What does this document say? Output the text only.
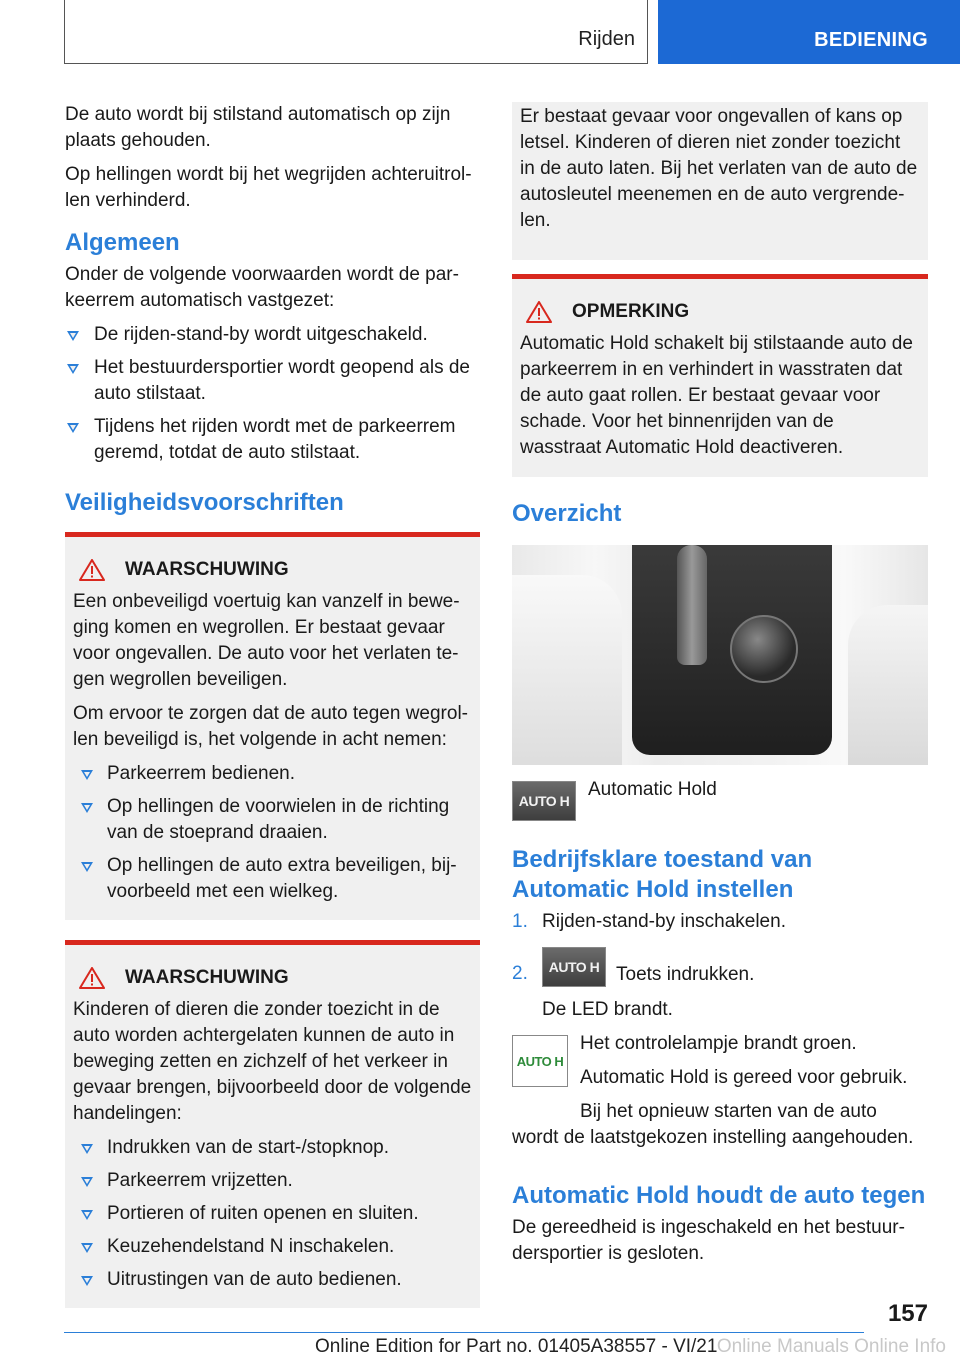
Rijden	BEDIENING

De auto wordt bij stilstand automatisch op zijn plaats gehouden.

Op hellingen wordt bij het wegrijden achteruitrol-len verhinderd.

Algemeen

Onder de volgende voorwaarden wordt de par-keerrem automatisch vastgezet:

De rijden-stand-by wordt uitgeschakeld.
Het bestuurdersportier wordt geopend als de auto stilstaat.
Tijdens het rijden wordt met de parkeerrem geremd, totdat de auto stilstaat.
Veiligheidsvoorschriften
WAARSCHUWING

Een onbeveiligd voertuig kan vanzelf in bewe-ging komen en wegrollen. Er bestaat gevaar voor ongevallen. De auto voor het verlaten te-gen wegrollen beveiligen.

Om ervoor te zorgen dat de auto tegen wegrol-len beveiligd is, het volgende in acht nemen:

Parkeerrem bedienen.
Op hellingen de voorwielen in de richting van de stoeprand draaien.
Op hellingen de auto extra beveiligen, bij-voorbeeld met een wielkeg.
WAARSCHUWING

Kinderen of dieren die zonder toezicht in de auto worden achtergelaten kunnen de auto in beweging zetten en zichzelf of het verkeer in gevaar brengen, bijvoorbeeld door de volgende handelingen:

Indrukken van de start-/stopknop.
Parkeerrem vrijzetten.
Portieren of ruiten openen en sluiten.
Keuzehendelstand N inschakelen.
Uitrustingen van de auto bedienen.

Er bestaat gevaar voor ongevallen of kans op letsel. Kinderen of dieren niet zonder toezicht in de auto laten. Bij het verlaten van de auto de autosleutel meenemen en de auto vergrende-len.

OPMERKING

Automatic Hold schakelt bij stilstaande auto de parkeerrem in en verhindert in wasstraten dat de auto gaat rollen. Er bestaat gevaar voor schade. Voor het binnenrijden van de wasstraat Automatic Hold deactiveren.

Overzicht
AUTO H

Automatic Hold

Bedrijfsklare toestand van Automatic Hold instellen
1. Rijden-stand-by inschakelen.
2. AUTO H Toets indrukken.
De LED brandt.
AUTO H

Het controlelampje brandt groen.

Automatic Hold is gereed voor gebruik.

Bij het opnieuw starten van de auto wordt de laatstgekozen instelling aangehouden.

Automatic Hold houdt de auto tegen

De gereedheid is ingeschakeld en het bestuur-dersportier is gesloten.

157
Online Edition for Part no. 01405A38557 - VI/21 Online Manuals Online Info
